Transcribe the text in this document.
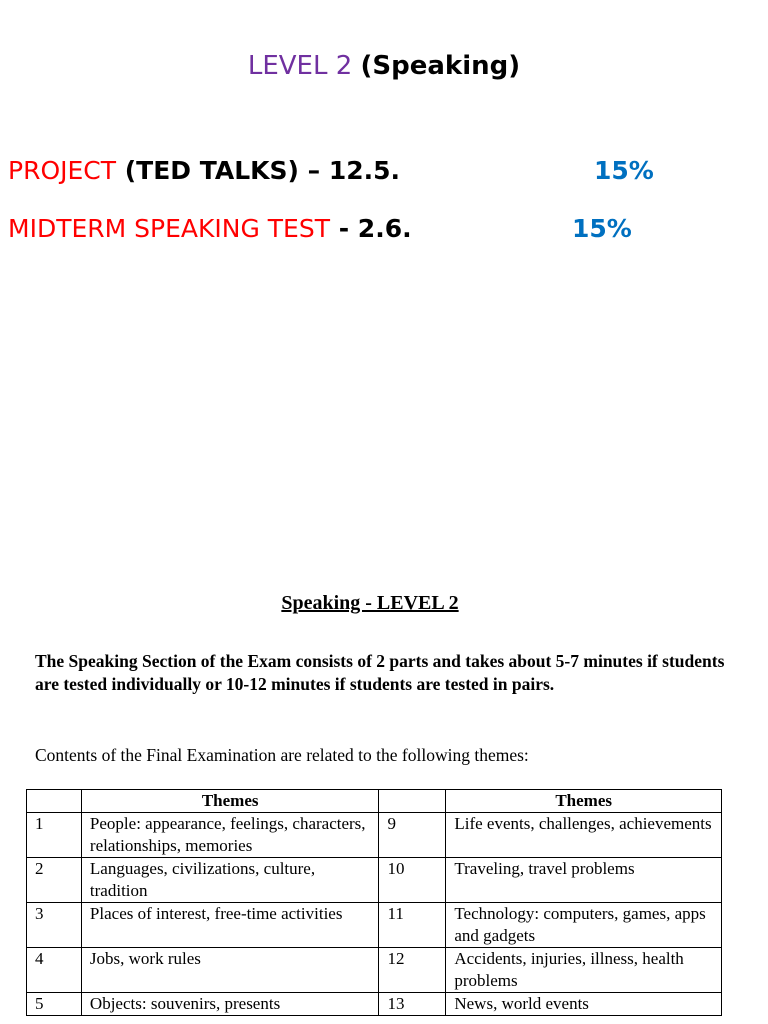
LEVEL 2 (Speaking)
PROJECT (TED TALKS) – 12.5.	15%
MIDTERM SPEAKING TEST - 2.6.	15%
Speaking - LEVEL 2
The Speaking Section of the Exam consists of 2 parts and takes about 5-7 minutes if students are tested individually or 10-12 minutes if students are tested in pairs.
Contents of the Final Examination are related to the following themes:
	Themes		Themes
1	People: appearance, feelings, characters, relationships, memories	9	Life events, challenges, achievements
2	Languages, civilizations, culture, tradition	10	Traveling, travel problems
3	Places of interest, free-time activities	11	Technology: computers, games, apps and gadgets
4	Jobs, work rules	12	Accidents, injuries, illness, health problems
5	Objects: souvenirs, presents	13	News, world events
